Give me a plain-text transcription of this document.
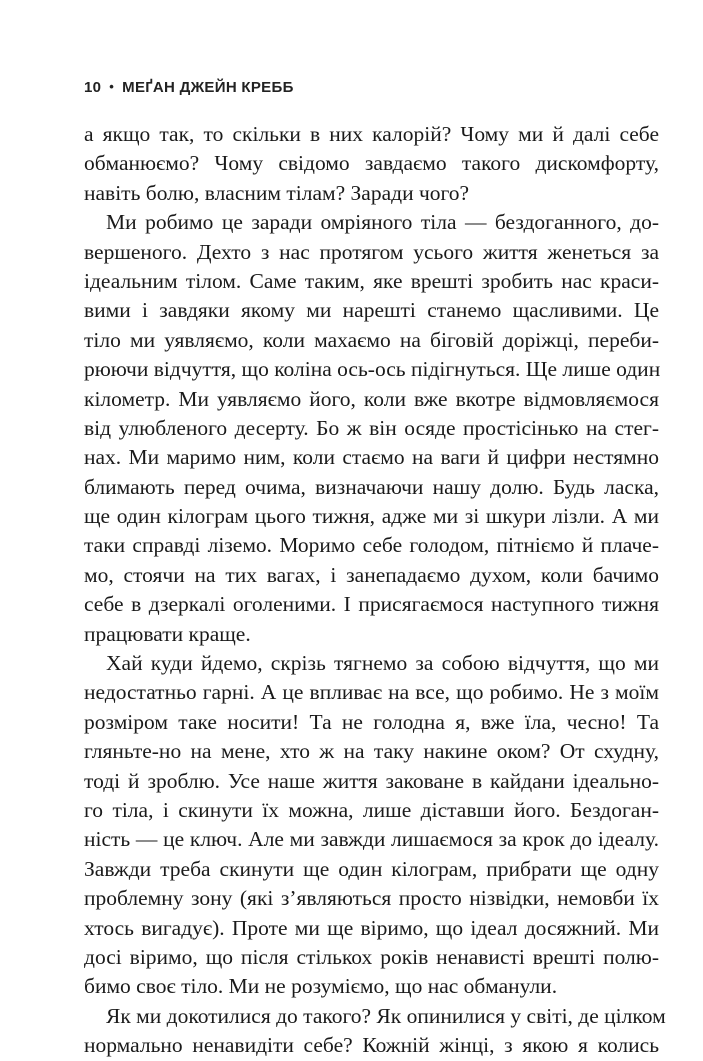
10 • МЕҐАН ДЖЕЙН КРЕББ
а якщо так, то скільки в них калорій? Чому ми й далі себе
обманюємо? Чому свідомо завдаємо такого дискомфорту,
навіть болю, власним тілам? Заради чого?
Ми робимо це заради омріяного тіла — бездоганного, до-
вершеного. Дехто з нас протягом усього життя женеться за
ідеальним тілом. Саме таким, яке врешті зробить нас краси-
вими і завдяки якому ми нарешті станемо щасливими. Це
тіло ми уявляємо, коли махаємо на біговій доріжці, переби-
рюючи відчуття, що коліна ось-ось підігнуться. Ще лише один
кілометр. Ми уявляємо його, коли вже вкотре відмовляємося
від улюбленого десерту. Бо ж він осяде простісінько на стег-
нах. Ми маримо ним, коли стаємо на ваги й цифри нестямно
блимають перед очима, визначаючи нашу долю. Будь ласка,
ще один кілограм цього тижня, адже ми зі шкури лізли. А ми
таки справді ліземо. Моримо себе голодом, пітніємо й плаче-
мо, стоячи на тих вагах, і занепадаємо духом, коли бачимо
себе в дзеркалі оголеними. І присягаємося наступного тижня
працювати краще.
Хай куди йдемо, скрізь тягнемо за собою відчуття, що ми
недостатньо гарні. А це впливає на все, що робимо. Не з моїм
розміром таке носити! Та не голодна я, вже їла, чесно! Та
гляньте-но на мене, хто ж на таку накине оком? От схудну,
тоді й зроблю. Усе наше життя заковане в кайдани ідеально-
го тіла, і скинути їх можна, лише діставши його. Бездоган-
ність — це ключ. Але ми завжди лишаємося за крок до ідеалу.
Завжди треба скинути ще один кілограм, прибрати ще одну
проблемну зону (які з’являються просто нізвідки, немовби їх
хтось вигадує). Проте ми ще віримо, що ідеал досяжний. Ми
досі віримо, що після стількох років ненависті врешті полю-
бимо своє тіло. Ми не розуміємо, що нас обманули.
Як ми докотилися до такого? Як опинилися у світі, де цілком
нормально ненавидіти себе? Кожній жінці, з якою я колись
